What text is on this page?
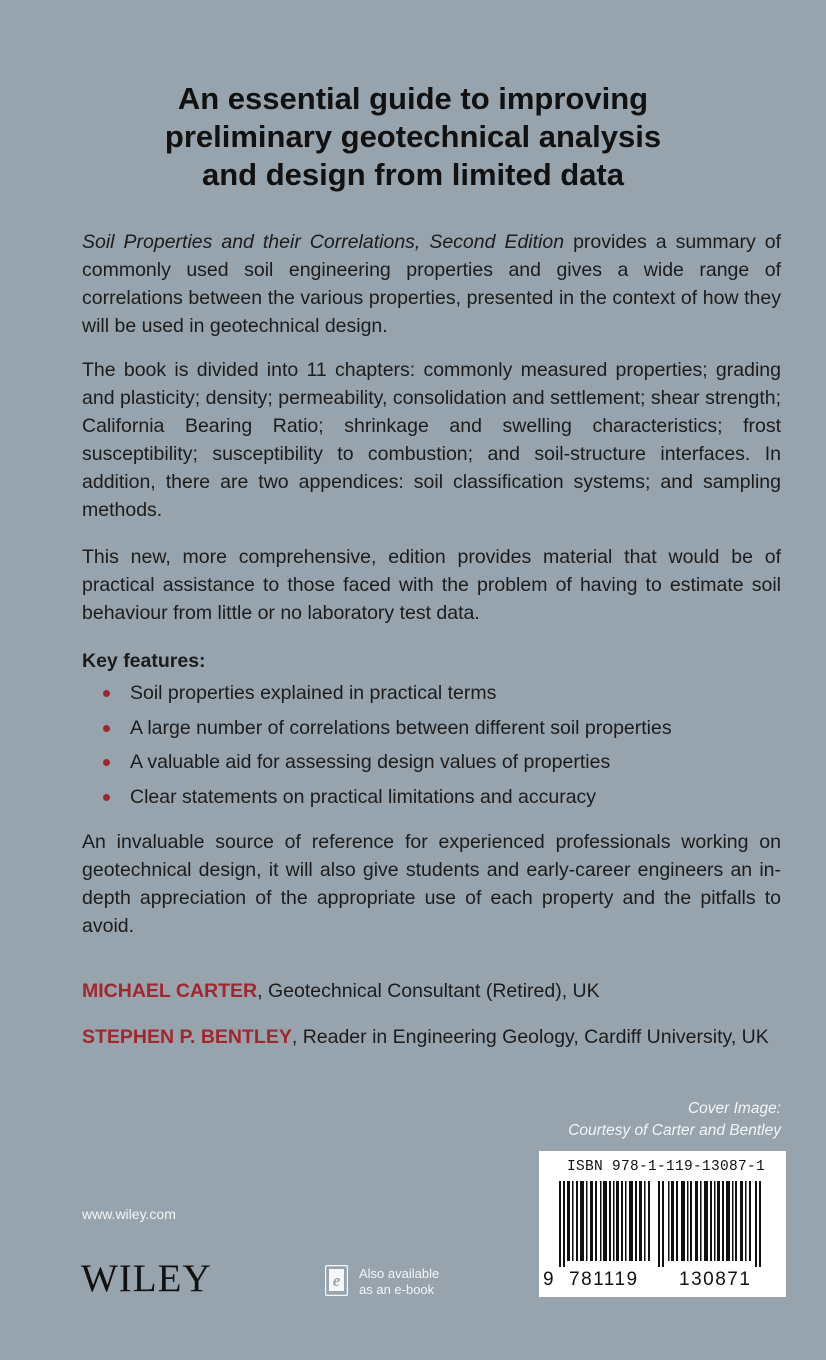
An essential guide to improving
preliminary geotechnical analysis
and design from limited data
Soil Properties and their Correlations, Second Edition provides a summary of commonly used soil engineering properties and gives a wide range of correlations between the various properties, presented in the context of how they will be used in geotechnical design.
The book is divided into 11 chapters: commonly measured properties; grading and plasticity; density; permeability, consolidation and settlement; shear strength; California Bearing Ratio; shrinkage and swelling characteristics; frost susceptibility; susceptibility to combustion; and soil-structure interfaces. In addition, there are two appendices: soil classification systems; and sampling methods.
This new, more comprehensive, edition provides material that would be of practical assistance to those faced with the problem of having to estimate soil behaviour from little or no laboratory test data.
Key features:
Soil properties explained in practical terms
A large number of correlations between different soil properties
A valuable aid for assessing design values of properties
Clear statements on practical limitations and accuracy
An invaluable source of reference for experienced professionals working on geotechnical design, it will also give students and early-career engineers an in-depth appreciation of the appropriate use of each property and the pitfalls to avoid.
MICHAEL CARTER, Geotechnical Consultant (Retired), UK
STEPHEN P. BENTLEY, Reader in Engineering Geology, Cardiff University, UK
Cover Image:
Courtesy of Carter and Bentley
ISBN 978-1-119-13087-1
9 781119 130871
www.wiley.com
WILEY	e Also available
as an e-book
